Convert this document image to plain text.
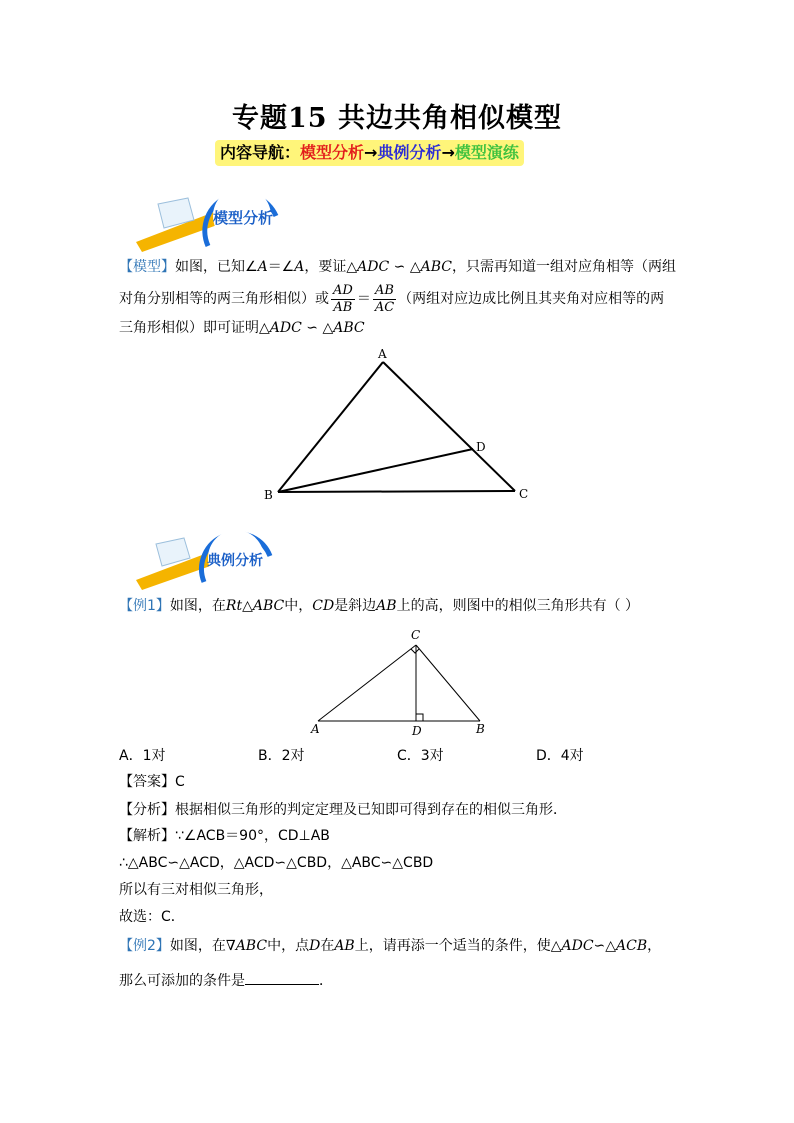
专题15 共边共角相似模型
内容导航：模型分析→典例分析→模型演练
模型分析
【模型】如图，已知∠A＝∠A，要证△ADC ∽ △ABC，只需再知道一组对应角相等（两组
对角分别相等的两三角形相似）或 $\frac{AD}{AB} = \frac{AB}{AC}$ （两组对应边成比例且其夹角对应相等的两
三角形相似）即可证明△ADC ∽ △ABC
A
B	C
D
典例分析
【例1】如图，在Rt△ABC中，CD是斜边AB上的高，则图中的相似三角形共有（ ）
C
A	D	B
A．1对	B．2对	C．3对	D．4对
【答案】C
【分析】根据相似三角形的判定定理及已知即可得到存在的相似三角形．
【解析】∵∠ACB＝90°，CD⊥AB
∴△ABC∽△ACD，△ACD∽△CBD，△ABC∽△CBD
所以有三对相似三角形，
故选：C．
【例2】如图，在∇ABC中，点D在AB上，请再添一个适当的条件，使△ADC∽△ACB，
那么可添加的条件是	．
